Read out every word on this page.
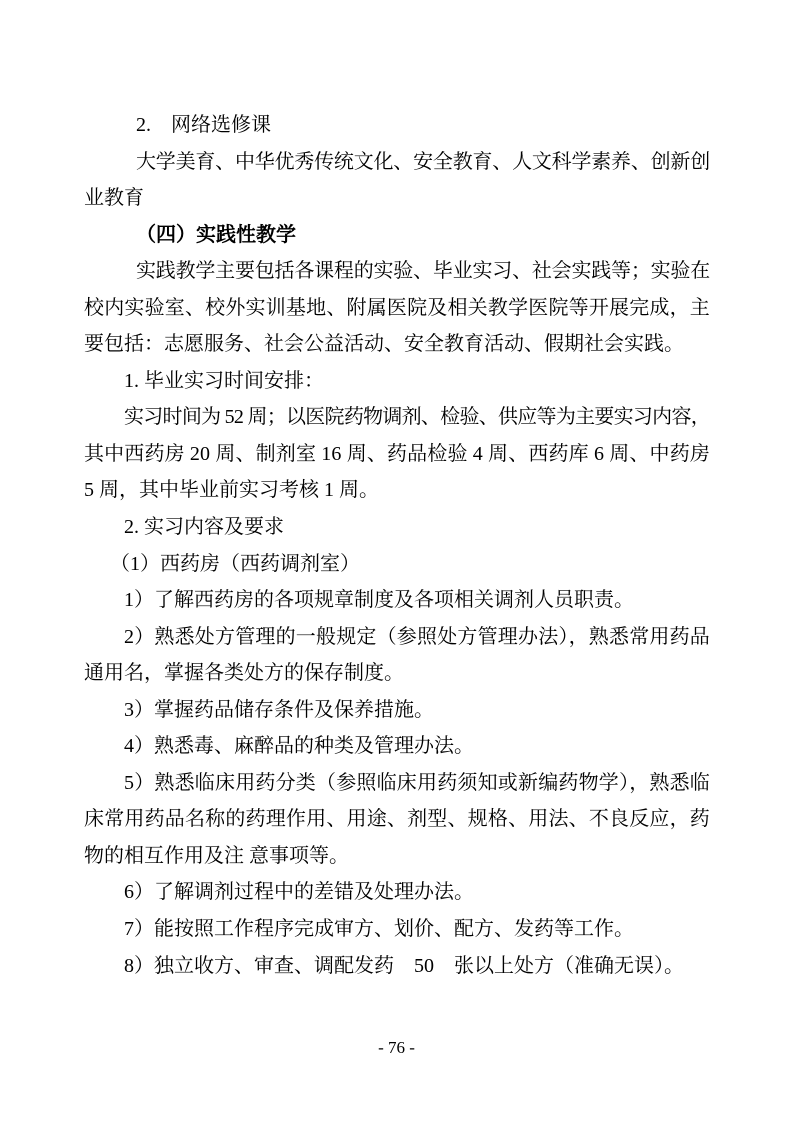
2.　网络选修课
大学美育、中华优秀传统文化、安全教育、人文科学素养、创新创
业教育
（四）实践性教学
实践教学主要包括各课程的实验、毕业实习、社会实践等；实验在
校内实验室、校外实训基地、附属医院及相关教学医院等开展完成，主
要包括：志愿服务、社会公益活动、安全教育活动、假期社会实践。
1. 毕业实习时间安排：
实习时间为 52 周；以医院药物调剂、检验、供应等为主要实习内容，
其中西药房 20 周、制剂室 16 周、药品检验 4 周、西药库 6 周、中药房
5 周，其中毕业前实习考核 1 周。
2. 实习内容及要求
（1）西药房（西药调剂室）
1）了解西药房的各项规章制度及各项相关调剂人员职责。
2）熟悉处方管理的一般规定（参照处方管理办法），熟悉常用药品
通用名，掌握各类处方的保存制度。
3）掌握药品储存条件及保养措施。
4）熟悉毒、麻醉品的种类及管理办法。
5）熟悉临床用药分类（参照临床用药须知或新编药物学），熟悉临
床常用药品名称的药理作用、用途、剂型、规格、用法、不良反应，药
物的相互作用及注 意事项等。
6）了解调剂过程中的差错及处理办法。
7）能按照工作程序完成审方、划价、配方、发药等工作。
8）独立收方、审查、调配发药　50　张以上处方（准确无误）。
- 76 -
